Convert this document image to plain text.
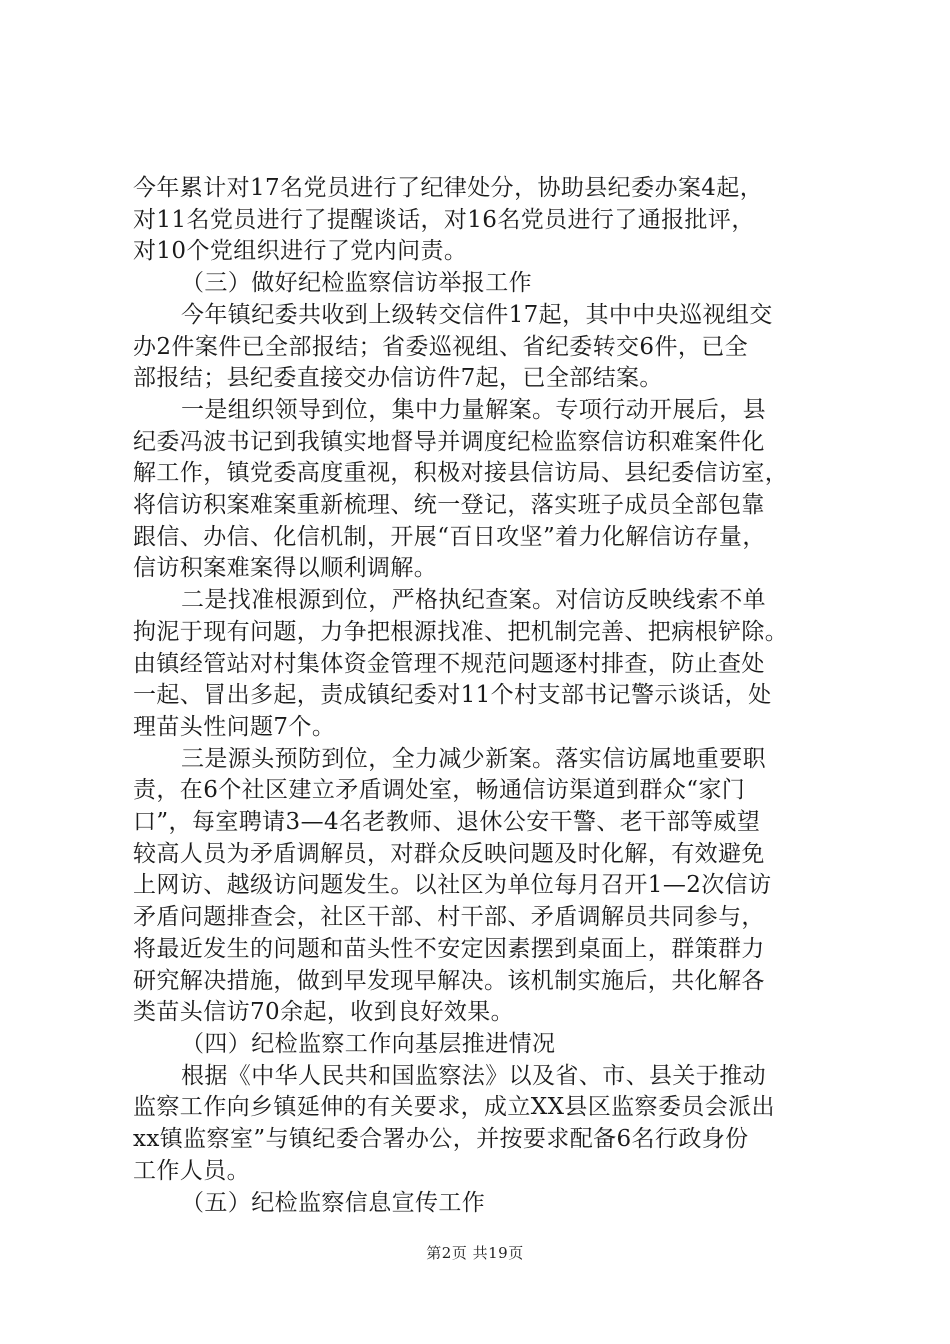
今年累计对17名党员进行了纪律处分，协助县纪委办案4起，
对11名党员进行了提醒谈话，对16名党员进行了通报批评，
对10个党组织进行了党内问责。

（三）做好纪检监察信访举报工作

今年镇纪委共收到上级转交信件17起，其中中央巡视组交
办2件案件已全部报结；省委巡视组、省纪委转交6件，已全
部报结；县纪委直接交办信访件7起，已全部结案。

一是组织领导到位，集中力量解案。专项行动开展后，县
纪委冯波书记到我镇实地督导并调度纪检监察信访积难案件化
解工作，镇党委高度重视，积极对接县信访局、县纪委信访室，
将信访积案难案重新梳理、统一登记，落实班子成员全部包靠
跟信、办信、化信机制，开展“百日攻坚”着力化解信访存量，
信访积案难案得以顺利调解。

二是找准根源到位，严格执纪查案。对信访反映线索不单
拘泥于现有问题，力争把根源找准、把机制完善、把病根铲除。
由镇经管站对村集体资金管理不规范问题逐村排查，防止查处
一起、冒出多起，责成镇纪委对11个村支部书记警示谈话，处
理苗头性问题7个。

三是源头预防到位，全力减少新案。落实信访属地重要职
责，在6个社区建立矛盾调处室，畅通信访渠道到群众“家门
口”，每室聘请3—4名老教师、退休公安干警、老干部等威望
较高人员为矛盾调解员，对群众反映问题及时化解，有效避免
上网访、越级访问题发生。以社区为单位每月召开1—2次信访
矛盾问题排查会，社区干部、村干部、矛盾调解员共同参与，
将最近发生的问题和苗头性不安定因素摆到桌面上，群策群力
研究解决措施，做到早发现早解决。该机制实施后，共化解各
类苗头信访70余起，收到良好效果。

（四）纪检监察工作向基层推进情况

根据《中华人民共和国监察法》以及省、市、县关于推动
监察工作向乡镇延伸的有关要求，成立XX县区监察委员会派出
xx镇监察室”与镇纪委合署办公，并按要求配备6名行政身份
工作人员。

（五）纪检监察信息宣传工作

第2页 共19页
